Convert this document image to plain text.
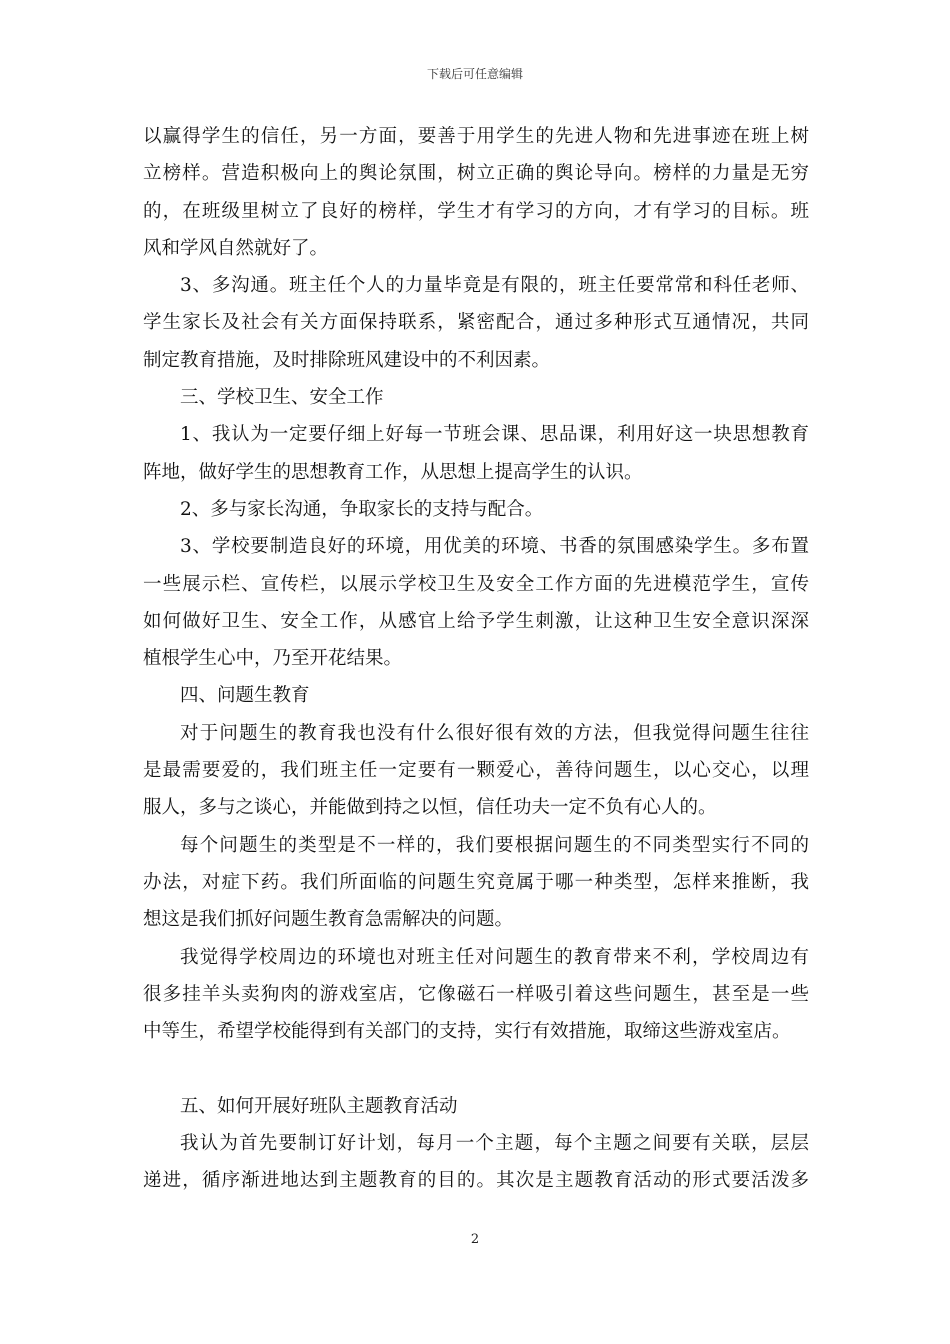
下载后可任意编辑
以赢得学生的信任，另一方面，要善于用学生的先进人物和先进事迹在班上树
立榜样。营造积极向上的舆论氛围，树立正确的舆论导向。榜样的力量是无穷
的，在班级里树立了良好的榜样，学生才有学习的方向，才有学习的目标。班
风和学风自然就好了。
3、多沟通。班主任个人的力量毕竟是有限的，班主任要常常和科任老师、
学生家长及社会有关方面保持联系，紧密配合，通过多种形式互通情况，共同
制定教育措施，及时排除班风建设中的不利因素。
三、学校卫生、安全工作
1、我认为一定要仔细上好每一节班会课、思品课，利用好这一块思想教育
阵地，做好学生的思想教育工作，从思想上提高学生的认识。
2、多与家长沟通，争取家长的支持与配合。
3、学校要制造良好的环境，用优美的环境、书香的氛围感染学生。多布置
一些展示栏、宣传栏，以展示学校卫生及安全工作方面的先进模范学生，宣传
如何做好卫生、安全工作，从感官上给予学生刺激，让这种卫生安全意识深深
植根学生心中，乃至开花结果。
四、问题生教育
对于问题生的教育我也没有什么很好很有效的方法，但我觉得问题生往往
是最需要爱的，我们班主任一定要有一颗爱心，善待问题生，以心交心，以理
服人，多与之谈心，并能做到持之以恒，信任功夫一定不负有心人的。
每个问题生的类型是不一样的，我们要根据问题生的不同类型实行不同的
办法，对症下药。我们所面临的问题生究竟属于哪一种类型，怎样来推断，我
想这是我们抓好问题生教育急需解决的问题。
我觉得学校周边的环境也对班主任对问题生的教育带来不利，学校周边有
很多挂羊头卖狗肉的游戏室店，它像磁石一样吸引着这些问题生，甚至是一些
中等生，希望学校能得到有关部门的支持，实行有效措施，取缔这些游戏室店。
五、如何开展好班队主题教育活动
我认为首先要制订好计划，每月一个主题，每个主题之间要有关联，层层
递进，循序渐进地达到主题教育的目的。其次是主题教育活动的形式要活泼多
2
